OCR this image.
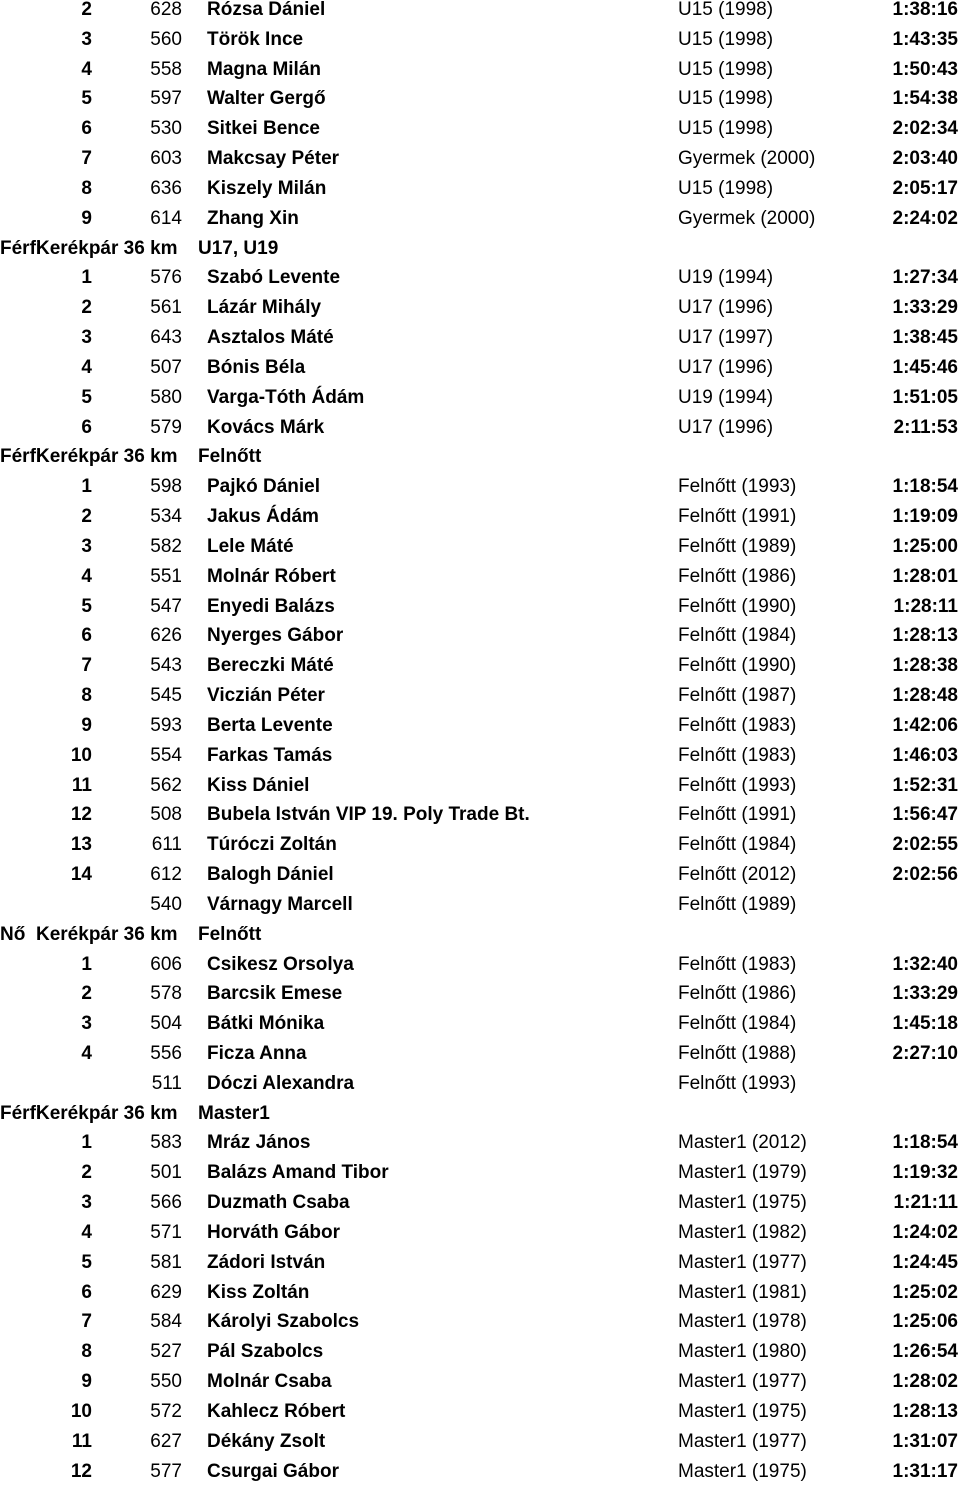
2	628 Rózsa Dániel	U15 (1998)	1:38:16
3	560 Török Ince	U15 (1998)	1:43:35
4	558 Magna Milán	U15 (1998)	1:50:43
5	597 Walter Gergő	U15 (1998)	1:54:38
6	530 Sitkei Bence	U15 (1998)	2:02:34
7	603 Makcsay Péter	Gyermek (2000)	2:03:40
8	636 Kiszely Milán	U15 (1998)	2:05:17
9	614 Zhang Xin	Gyermek (2000)	2:24:02
Férfi
Kerékpár 36 km U17, U19
1	576 Szabó Levente	U19 (1994)	1:27:34
2	561 Lázár Mihály	U17 (1996)	1:33:29
3	643 Asztalos Máté	U17 (1997)	1:38:45
4	507 Bónis Béla	U17 (1996)	1:45:46
5	580 Varga-Tóth Ádám	U19 (1994)	1:51:05
6	579 Kovács Márk	U17 (1996)	2:11:53
Férfi
Kerékpár 36 km Felnőtt
1	598 Pajkó Dániel	Felnőtt (1993)	1:18:54
2	534 Jakus Ádám	Felnőtt (1991)	1:19:09
3	582 Lele Máté	Felnőtt (1989)	1:25:00
4	551 Molnár Róbert	Felnőtt (1986)	1:28:01
5	547 Enyedi Balázs	Felnőtt (1990)	1:28:11
6	626 Nyerges Gábor	Felnőtt (1984)	1:28:13
7	543 Bereczki Máté	Felnőtt (1990)	1:28:38
8	545 Viczián Péter	Felnőtt (1987)	1:28:48
9	593 Berta Levente	Felnőtt (1983)	1:42:06
10	554 Farkas Tamás	Felnőtt (1983)	1:46:03
11	562 Kiss Dániel	Felnőtt (1993)	1:52:31
12	508 Bubela István VIP 19. Poly Trade Bt.	Felnőtt (1991)	1:56:47
13	611 Túróczi Zoltán	Felnőtt (1984)	2:02:55
14	612 Balogh Dániel	Felnőtt (2012)	2:02:56
540 Várnagy Marcell	Felnőtt (1989)
Nő Kerékpár 36 km Felnőtt
1	606 Csikesz Orsolya	Felnőtt (1983)	1:32:40
2	578 Barcsik Emese	Felnőtt (1986)	1:33:29
3	504 Bátki Mónika	Felnőtt (1984)	1:45:18
4	556 Ficza Anna	Felnőtt (1988)	2:27:10
511 Dóczi Alexandra	Felnőtt (1993)
Férfi
Kerékpár 36 km Master1
1	583 Mráz János	Master1 (2012)	1:18:54
2	501 Balázs Amand Tibor	Master1 (1979)	1:19:32
3	566 Duzmath Csaba	Master1 (1975)	1:21:11
4	571 Horváth Gábor	Master1 (1982)	1:24:02
5	581 Zádori István	Master1 (1977)	1:24:45
6	629 Kiss Zoltán	Master1 (1981)	1:25:02
7	584 Károlyi Szabolcs	Master1 (1978)	1:25:06
8	527 Pál Szabolcs	Master1 (1980)	1:26:54
9	550 Molnár Csaba	Master1 (1977)	1:28:02
10	572 Kahlecz Róbert	Master1 (1975)	1:28:13
11	627 Dékány Zsolt	Master1 (1977)	1:31:07
12	577 Csurgai Gábor	Master1 (1975)	1:31:17
